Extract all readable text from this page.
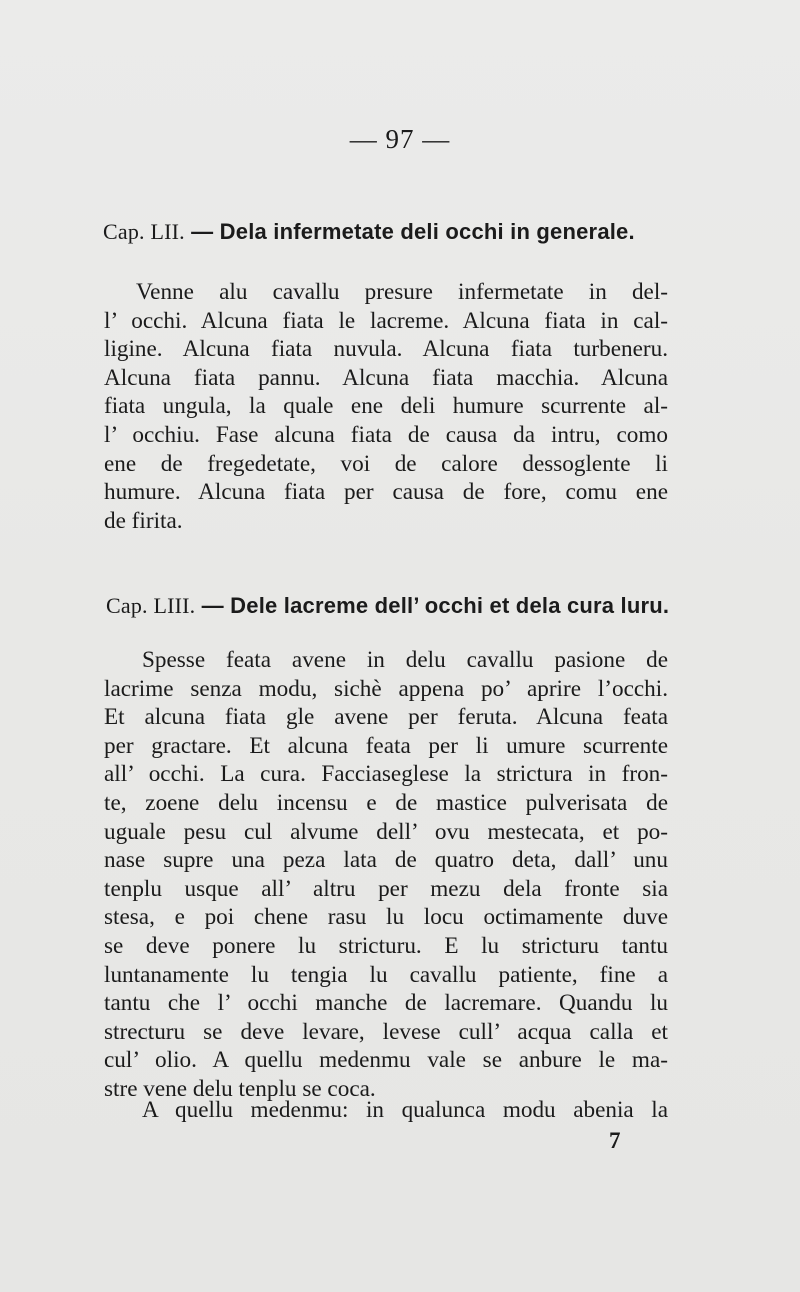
— 97 —
Cap. LII. — Dela infermetate deli occhi in generale.
Venne alu cavallu presure infermetate in del-
l’ occhi. Alcuna fiata le lacreme. Alcuna fiata in cal-
ligine. Alcuna fiata nuvula. Alcuna fiata turbeneru.
Alcuna fiata pannu. Alcuna fiata macchia. Alcuna
fiata ungula, la quale ene deli humure scurrente al-
l’ occhiu. Fase alcuna fiata de causa da intru, como
ene de fregedetate, voi de calore dessoglente li
humure. Alcuna fiata per causa de fore, comu ene
de firita.
Cap. LIII. — Dele lacreme dell’ occhi et dela cura luru.
Spesse feata avene in delu cavallu pasione de
lacrime senza modu, sichè appena po’ aprire l’occhi.
Et alcuna fiata gle avene per feruta. Alcuna feata
per gractare. Et alcuna feata per li umure scurrente
all’ occhi. La cura. Facciaseglese la strictura in fron-
te, zoene delu incensu e de mastice pulverisata de
uguale pesu cul alvume dell’ ovu mestecata, et po-
nase supre una peza lata de quatro deta, dall’ unu
tenplu usque all’ altru per mezu dela fronte sia
stesa, e poi chene rasu lu locu octimamente duve
se deve ponere lu stricturu. E lu stricturu tantu
luntanamente lu tengia lu cavallu patiente, fine a
tantu che l’ occhi manche de lacremare. Quandu lu
strecturu se deve levare, levese cull’ acqua calla et
cul’ olio. A quellu medenmu vale se anbure le ma-
stre vene delu tenplu se coca.
A quellu medenmu: in qualunca modu abenia la
7
